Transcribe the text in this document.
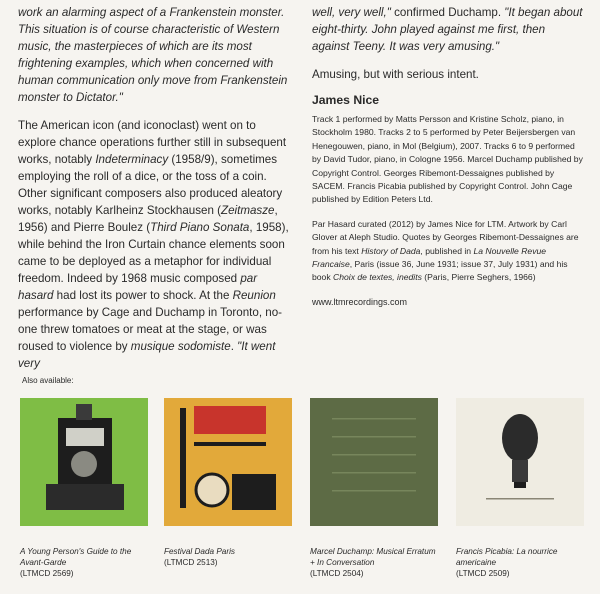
work an alarming aspect of a Frankenstein monster. This situation is of course characteristic of Western music, the masterpieces of which are its most frightening examples, which when concerned with human communication only move from Frankenstein monster to Dictator."

The American icon (and iconoclast) went on to explore chance operations further still in subsequent works, notably Indeterminacy (1958/9), sometimes employing the roll of a dice, or the toss of a coin. Other significant composers also produced aleatory works, notably Karlheinz Stockhausen (Zeitmasze, 1956) and Pierre Boulez (Third Piano Sonata, 1958), while behind the Iron Curtain chance elements soon came to be deployed as a metaphor for individual freedom. Indeed by 1968 music composed par hasard had lost its power to shock. At the Reunion performance by Cage and Duchamp in Toronto, no-one threw tomatoes or meat at the stage, or was roused to violence by musique sodomiste. "It went very

well, very well," confirmed Duchamp. "It began about eight-thirty. John played against me first, then against Teeny. It was very amusing."

Amusing, but with serious intent.

James Nice

Track 1 performed by Matts Persson and Kristine Scholz, piano, in Stockholm 1980. Tracks 2 to 5 performed by Peter Beijersbergen van Henegouwen, piano, in Mol (Belgium), 2007. Tracks 6 to 9 performed by David Tudor, piano, in Cologne 1956. Marcel Duchamp published by Copyright Control. Georges Ribemont-Dessaignes published by SACEM. Francis Picabia published by Copyright Control. John Cage published by Edition Peters Ltd.

Par Hasard curated (2012) by James Nice for LTM. Artwork by Carl Glover at Aleph Studio. Quotes by Georges Ribemont-Dessaignes are from his text History of Dada, published in La Nouvelle Revue Francaise, Paris (issue 36, June 1931; issue 37, July 1931) and his book Choix de textes, inedits (Paris, Pierre Seghers, 1966)

www.ltmrecordings.com

Also available:
A Young Person's Guide to the Avant-Garde
(LTMCD 2569)
Festival Dada Paris
(LTMCD 2513)
Marcel Duchamp: Musical Erratum + In Conversation
(LTMCD 2504)
Francis Picabia: La nourrice americaine
(LTMCD 2509)
